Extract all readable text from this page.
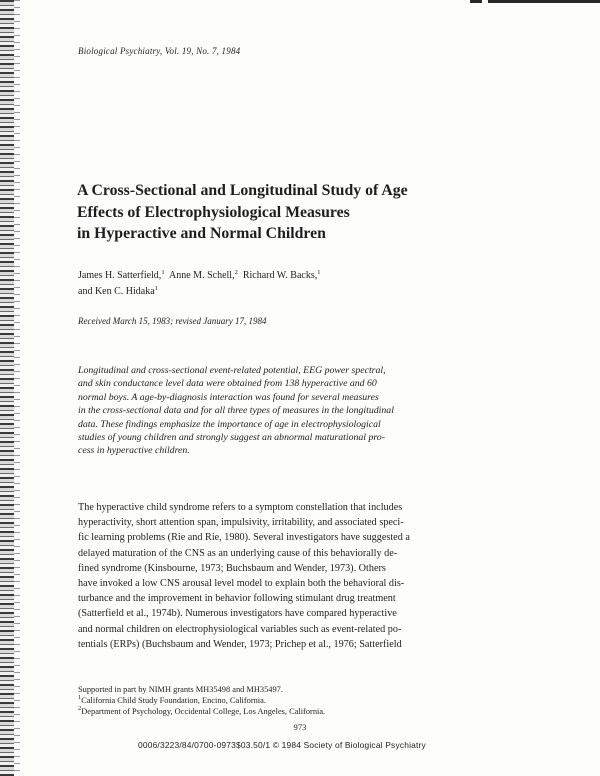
Biological Psychiatry, Vol. 19, No. 7, 1984

A Cross-Sectional and Longitudinal Study of Age
Effects of Electrophysiological Measures
in Hyperactive and Normal Children
James H. Satterfield,$^1$ Anne M. Schell,$^2$ Richard W. Backs,$^1$
and Ken C. Hidaka$^1$

Received March 15, 1983; revised January 17, 1984

Longitudinal and cross-sectional event-related potential, EEG power spectral,
and skin conductance level data were obtained from 138 hyperactive and 60
normal boys. A age-by-diagnosis interaction was found for several measures
in the cross-sectional data and for all three types of measures in the longitudinal
data. These findings emphasize the importance of age in electrophysiological
studies of young children and strongly suggest an abnormal maturational pro-
cess in hyperactive children.
The hyperactive child syndrome refers to a symptom constellation that includes
hyperactivity, short attention span, impulsivity, irritability, and associated speci-
fic learning problems (Rie and Rie, 1980). Several investigators have suggested a
delayed maturation of the CNS as an underlying cause of this behaviorally de-
fined syndrome (Kinsbourne, 1973; Buchsbaum and Wender, 1973). Others
have invoked a low CNS arousal level model to explain both the behavioral dis-
turbance and the improvement in behavior following stimulant drug treatment
(Satterfield et al., 1974b). Numerous investigators have compared hyperactive
and normal children on electrophysiological variables such as event-related po-
tentials (ERPs) (Buchsbaum and Wender, 1973; Prichep et al., 1976; Satterfield
Supported in part by NIMH grants MH35498 and MH35497.
$^1$California Child Study Foundation, Encino, California.
$^2$Department of Psychology, Occidental College, Los Angeles, California.

973

0006/3223/84/0700-0973$03.50/1 © 1984 Society of Biological Psychiatry
